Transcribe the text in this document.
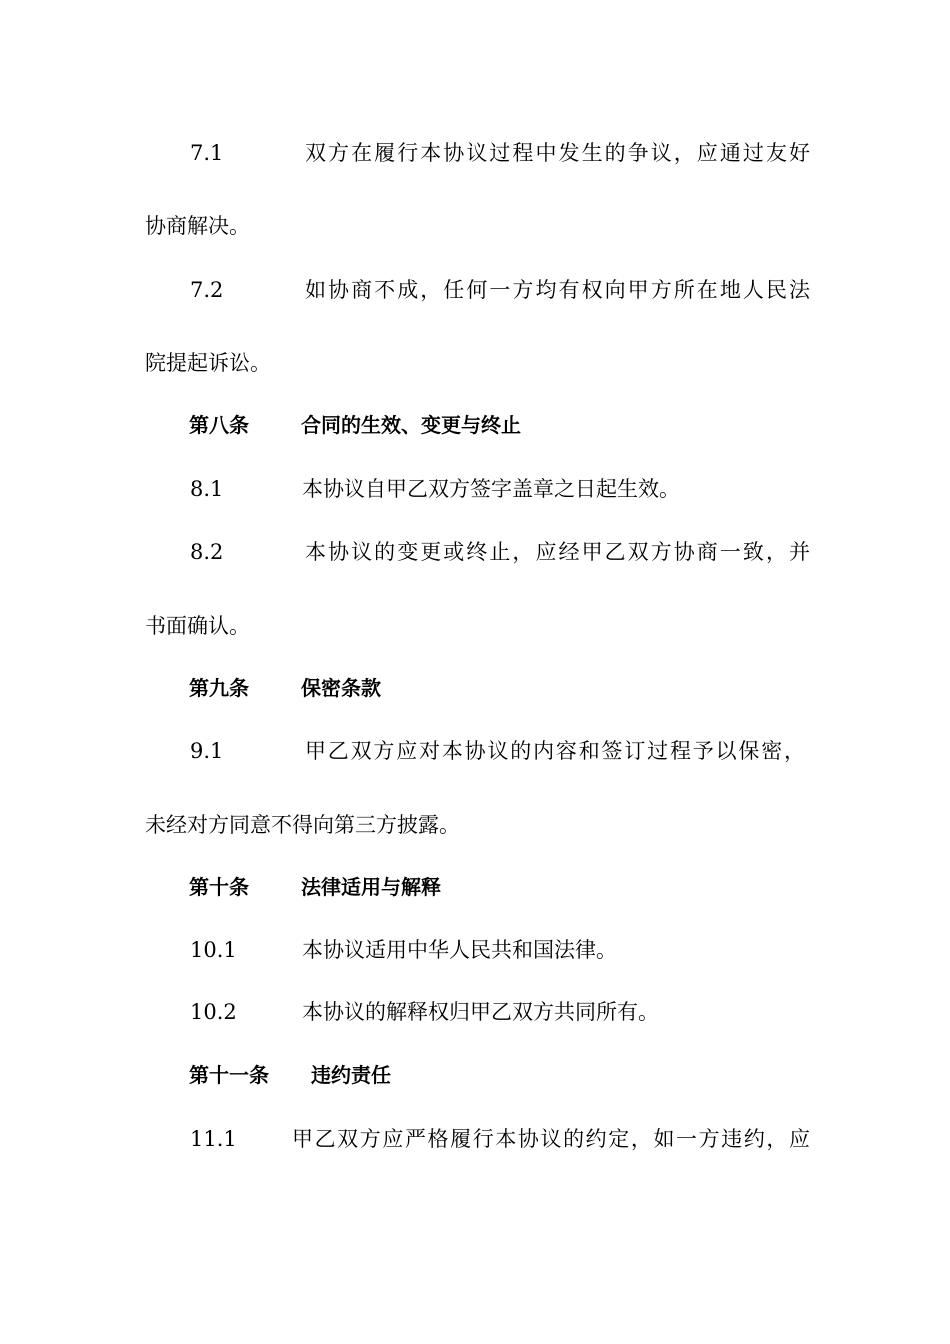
7.1	双方在履行本协议过程中发生的争议，应通过友好
协商解决。
7.2	如协商不成，任何一方均有权向甲方所在地人民法
院提起诉讼。
第八条	合同的生效、变更与终止
8.1	本协议自甲乙双方签字盖章之日起生效。
8.2	本协议的变更或终止，应经甲乙双方协商一致，并
书面确认。
第九条	保密条款
9.1	甲乙双方应对本协议的内容和签订过程予以保密，
未经对方同意不得向第三方披露。
第十条	法律适用与解释
10.1	本协议适用中华人民共和国法律。
10.2	本协议的解释权归甲乙双方共同所有。
第十一条 违约责任
11.1	甲乙双方应严格履行本协议的约定，如一方违约，应
